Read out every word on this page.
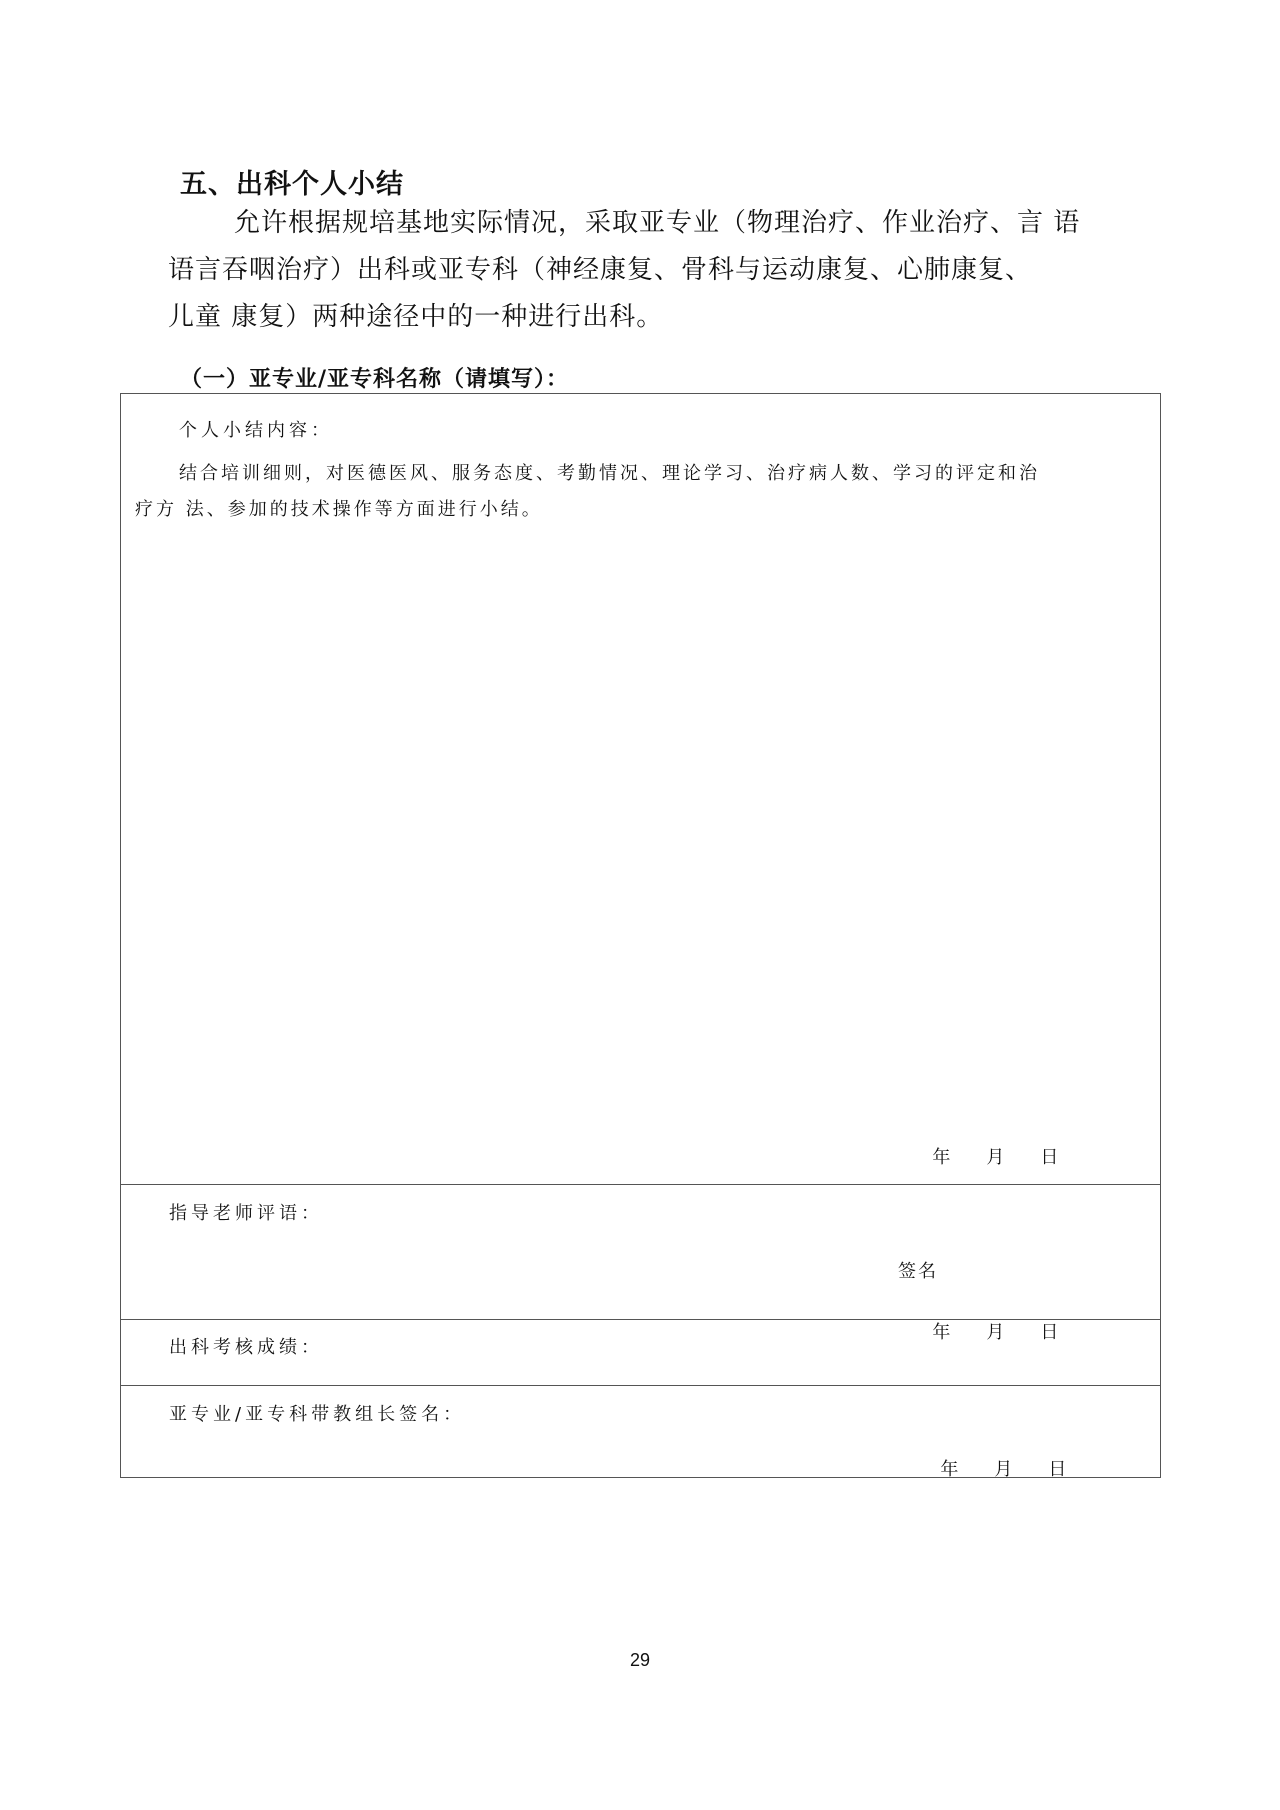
五、出科个人小结
允许根据规培基地实际情况，采取亚专业（物理治疗、作业治疗、言 语
语言吞咽治疗）出科或亚专科（神经康复、骨科与运动康复、心肺康复、
儿童 康复）两种途径中的一种进行出科。
（一）亚专业/亚专科名称（请填写）：
个人小结内容：
结合培训细则，对医德医风、服务态度、考勤情况、理论学习、治疗病人数、学习的评定和治
疗方 法、参加的技术操作等方面进行小结。

年 月 日

指导老师评语：
签名

年 月 日

出科考核成绩：
亚专业/亚专科带教组长签名：

年 月 日

29
